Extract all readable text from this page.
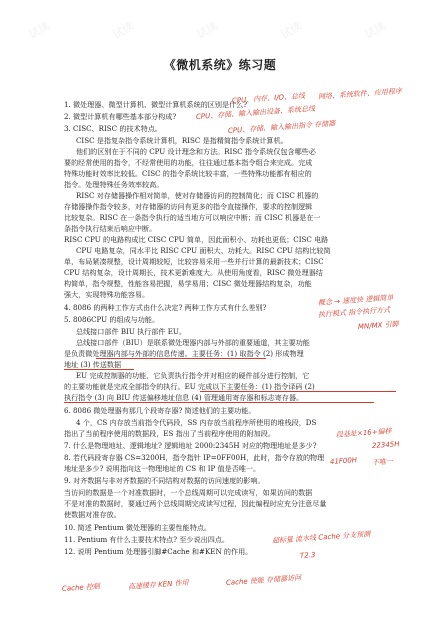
试读	试读	试读	试读	试读
《微机系统》练习题
1. 微处理器、微型计算机、微型计算机系统的区别是什么?
2. 微型计算机有哪些基本部分构成?
3. CISC、RISC 的技术特点。
CISC 是指复杂指令系统计算机，RISC 是指精简指令系统计算机。
他们的区别在于不同的 CPU 设计理念和方法。RISC 指令系统仅包含哪些必
要的经常使用的指令，不经常使用的功能，往往通过基本指令组合来完成。完成
特殊功能时效率比较低。CISC 的指令系统比较丰富，一些特殊功能都有相应的
指令。处理特殊任务效率较高。
RISC 对存储器操作相对简单，使对存储器访问的控制简化；而 CISC 机器的
存储器操作指令较多，对存储器的访问有更多的指令直接操作，要求的控制逻辑
比较复杂。RISC 在一条指令执行的适当地方可以响应中断；而 CISC 机器是在一
条指令执行结束后响应中断。
RISC CPU 的电路构成比 CISC CPU 简单，因此面积小、功耗也更低；CISC 电路
CPU 电路复杂，同水平比 RISC CPU 面积大、功耗大。RISC CPU 结构比较简
单，布局紧凑规整，设计周期较短，比较容易采用一些并行计算的最新技术；CISC
CPU 结构复杂，设计周期长，技术更新难度大。从使用角度看，RISC 微处理器结
构简单，指令规整，性能容易把握，易学易用；CISC 微处理器结构复杂，功能
强大，实现特殊功能容易。
4. 8086 的两种工作方式由什么决定? 两种工作方式有什么差别?
5. 8086CPU 的组成与功能。
总线接口部件 BIU 执行部件 EU。
总线接口部件（BIU）是联系微处理器内部与外部的重要通道，其主要功能
是负责微处理器内部与外部的信息传递。主要任务：(1) 取指令 (2) 形成物理
地址 (3) 传送数据
EU 完成控制器的功能，它负责执行指令并对相应的硬件部分进行控制，它
的主要功能就是完成全部指令的执行。EU 完成以下主要任务：(1) 指令译码 (2)
执行指令 (3) 向 BIU 传送偏移地址信息 (4) 管理通用寄存器和标志寄存器。
6. 8086 微处理器有那几个段寄存器? 简述他们的主要功能。
4 个，CS 内存放当前指令代码段，SS 内存放当前程序所使用的堆栈段，DS
指出了当前程序使用的数据段，ES 指出了当前程序使用的附加段。
7. 什么是物理地址、逻辑地址? 逻辑地址 2000:2345H 对应的物理地址是多少?
8. 若代码段寄存器 CS=3200H，指令指针 IP=0FF00H，此时，指令存放的物理
地址是多少? 说明指向这一物理地址的 CS 和 IP 值是否唯一。
9. 对齐数据与非对齐数据的不同结构对数据的访问速度的影响。
当访问的数据是一个对准数据时，一个总线周期可以完成读写，如果访问的数据
不是对准的数据时，要通过两个总线周期完成读写过程，因此编程时应充分注意尽量
使数据对准存放。
10. 简述 Pentium 微处理器的主要性能特点。
11. Pentium 有什么主要技术特点? 至少说出四点。
12. 说明 Pentium 处理器引脚#Cache 和#KEN 的作用。
CPU、内存、I/O、总线 网络、系统软件、应用程序
CPU、存储、输入输出设备、系统总线
CPU、存储、输入输出指令 存储器
概念 → 速度快 逻辑简单
执行模式 指令执行方式
MN/MX 引脚
段基址×16+偏移
22345H
41F00H 不唯一
超标量 流水线 Cache 分支预测
Cache 控制
T2.3
高速缓存 KEN 作用	Cache 使能 存储器访问
